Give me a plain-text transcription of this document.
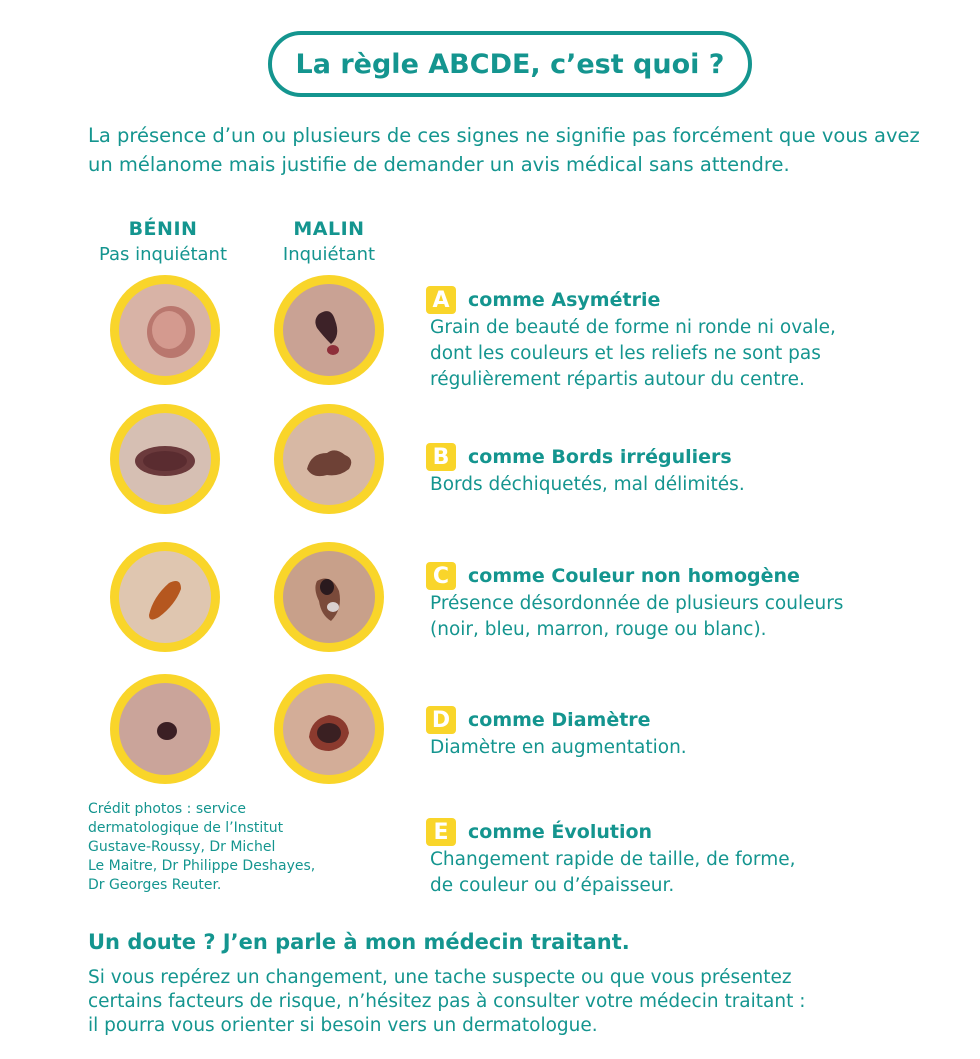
La règle ABCDE, c’est quoi ?
La présence d’un ou plusieurs de ces signes ne signifie pas forcément que vous avez un mélanome mais justifie de demander un avis médical sans attendre.
BÉNIN
Pas inquiétant
MALIN
Inquiétant
A comme Asymétrie
Grain de beauté de forme ni ronde ni ovale,
dont les couleurs et les reliefs ne sont pas
régulièrement répartis autour du centre.
B comme Bords irréguliers
Bords déchiquetés, mal délimités.
C comme Couleur non homogène
Présence désordonnée de plusieurs couleurs
(noir, bleu, marron, rouge ou blanc).
D comme Diamètre
Diamètre en augmentation.
E	comme Évolution
Changement rapide de taille, de forme,
de couleur ou d’épaisseur.
Crédit photos : service
dermatologique de l’Institut
Gustave-Roussy, Dr Michel
Le Maitre, Dr Philippe Deshayes,
Dr Georges Reuter.
Un doute ? J’en parle à mon médecin traitant.
Si vous repérez un changement, une tache suspecte ou que vous présentez
certains facteurs de risque, n’hésitez pas à consulter votre médecin traitant :
il pourra vous orienter si besoin vers un dermatologue.
